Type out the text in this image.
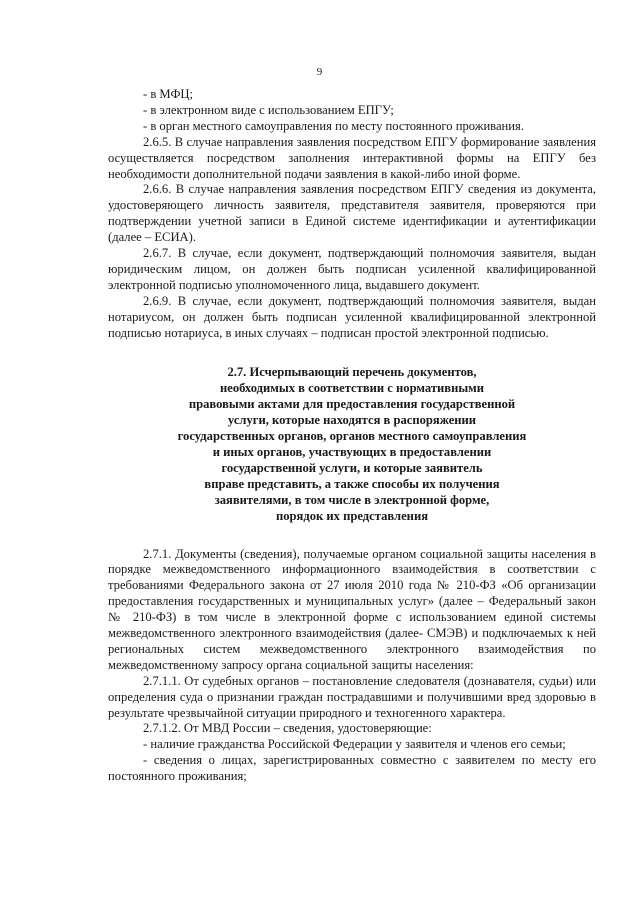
9

- в МФЦ;

- в электронном виде с использованием ЕПГУ;

- в орган местного самоуправления по месту постоянного проживания.

2.6.5. В случае направления заявления посредством ЕПГУ формирование заявления осуществляется посредством заполнения интерактивной формы на ЕПГУ без необходимости дополнительной подачи заявления в какой-либо иной форме.

2.6.6. В случае направления заявления посредством ЕПГУ сведения из документа, удостоверяющего личность заявителя, представителя заявителя, проверяются при подтверждении учетной записи в Единой системе идентификации и аутентификации (далее – ЕСИА).

2.6.7. В случае, если документ, подтверждающий полномочия заявителя, выдан юридическим лицом, он должен быть подписан усиленной квалифицированной электронной подписью уполномоченного лица, выдавшего документ.

2.6.9. В случае, если документ, подтверждающий полномочия заявителя, выдан нотариусом, он должен быть подписан усиленной квалифицированной электронной подписью нотариуса, в иных случаях – подписан простой электронной подписью.

2.7. Исчерпывающий перечень документов,
необходимых в соответствии с нормативными
правовыми актами для предоставления государственной
услуги, которые находятся в распоряжении
государственных органов, органов местного самоуправления
и иных органов, участвующих в предоставлении
государственной услуги, и которые заявитель
вправе представить, а также способы их получения
заявителями, в том числе в электронной форме,
порядок их представления

2.7.1. Документы (сведения), получаемые органом социальной защиты населения в порядке межведомственного информационного взаимодействия в соответствии с требованиями Федерального закона от 27 июля 2010 года № 210-ФЗ «Об организации предоставления государственных и муниципальных услуг» (далее – Федеральный закон № 210-ФЗ) в том числе в электронной форме с использованием единой системы межведомственного электронного взаимодействия (далее- СМЭВ) и подключаемых к ней региональных систем межведомственного электронного взаимодействия по межведомственному запросу органа социальной защиты населения:

2.7.1.1. От судебных органов – постановление следователя (дознавателя, судьи) или определения суда о признании граждан пострадавшими и получившими вред здоровью в результате чрезвычайной ситуации природного и техногенного характера.

2.7.1.2. От МВД России – сведения, удостоверяющие:

- наличие гражданства Российской Федерации у заявителя и членов его семьи;

- сведения о лицах, зарегистрированных совместно с заявителем по месту его постоянного проживания;
